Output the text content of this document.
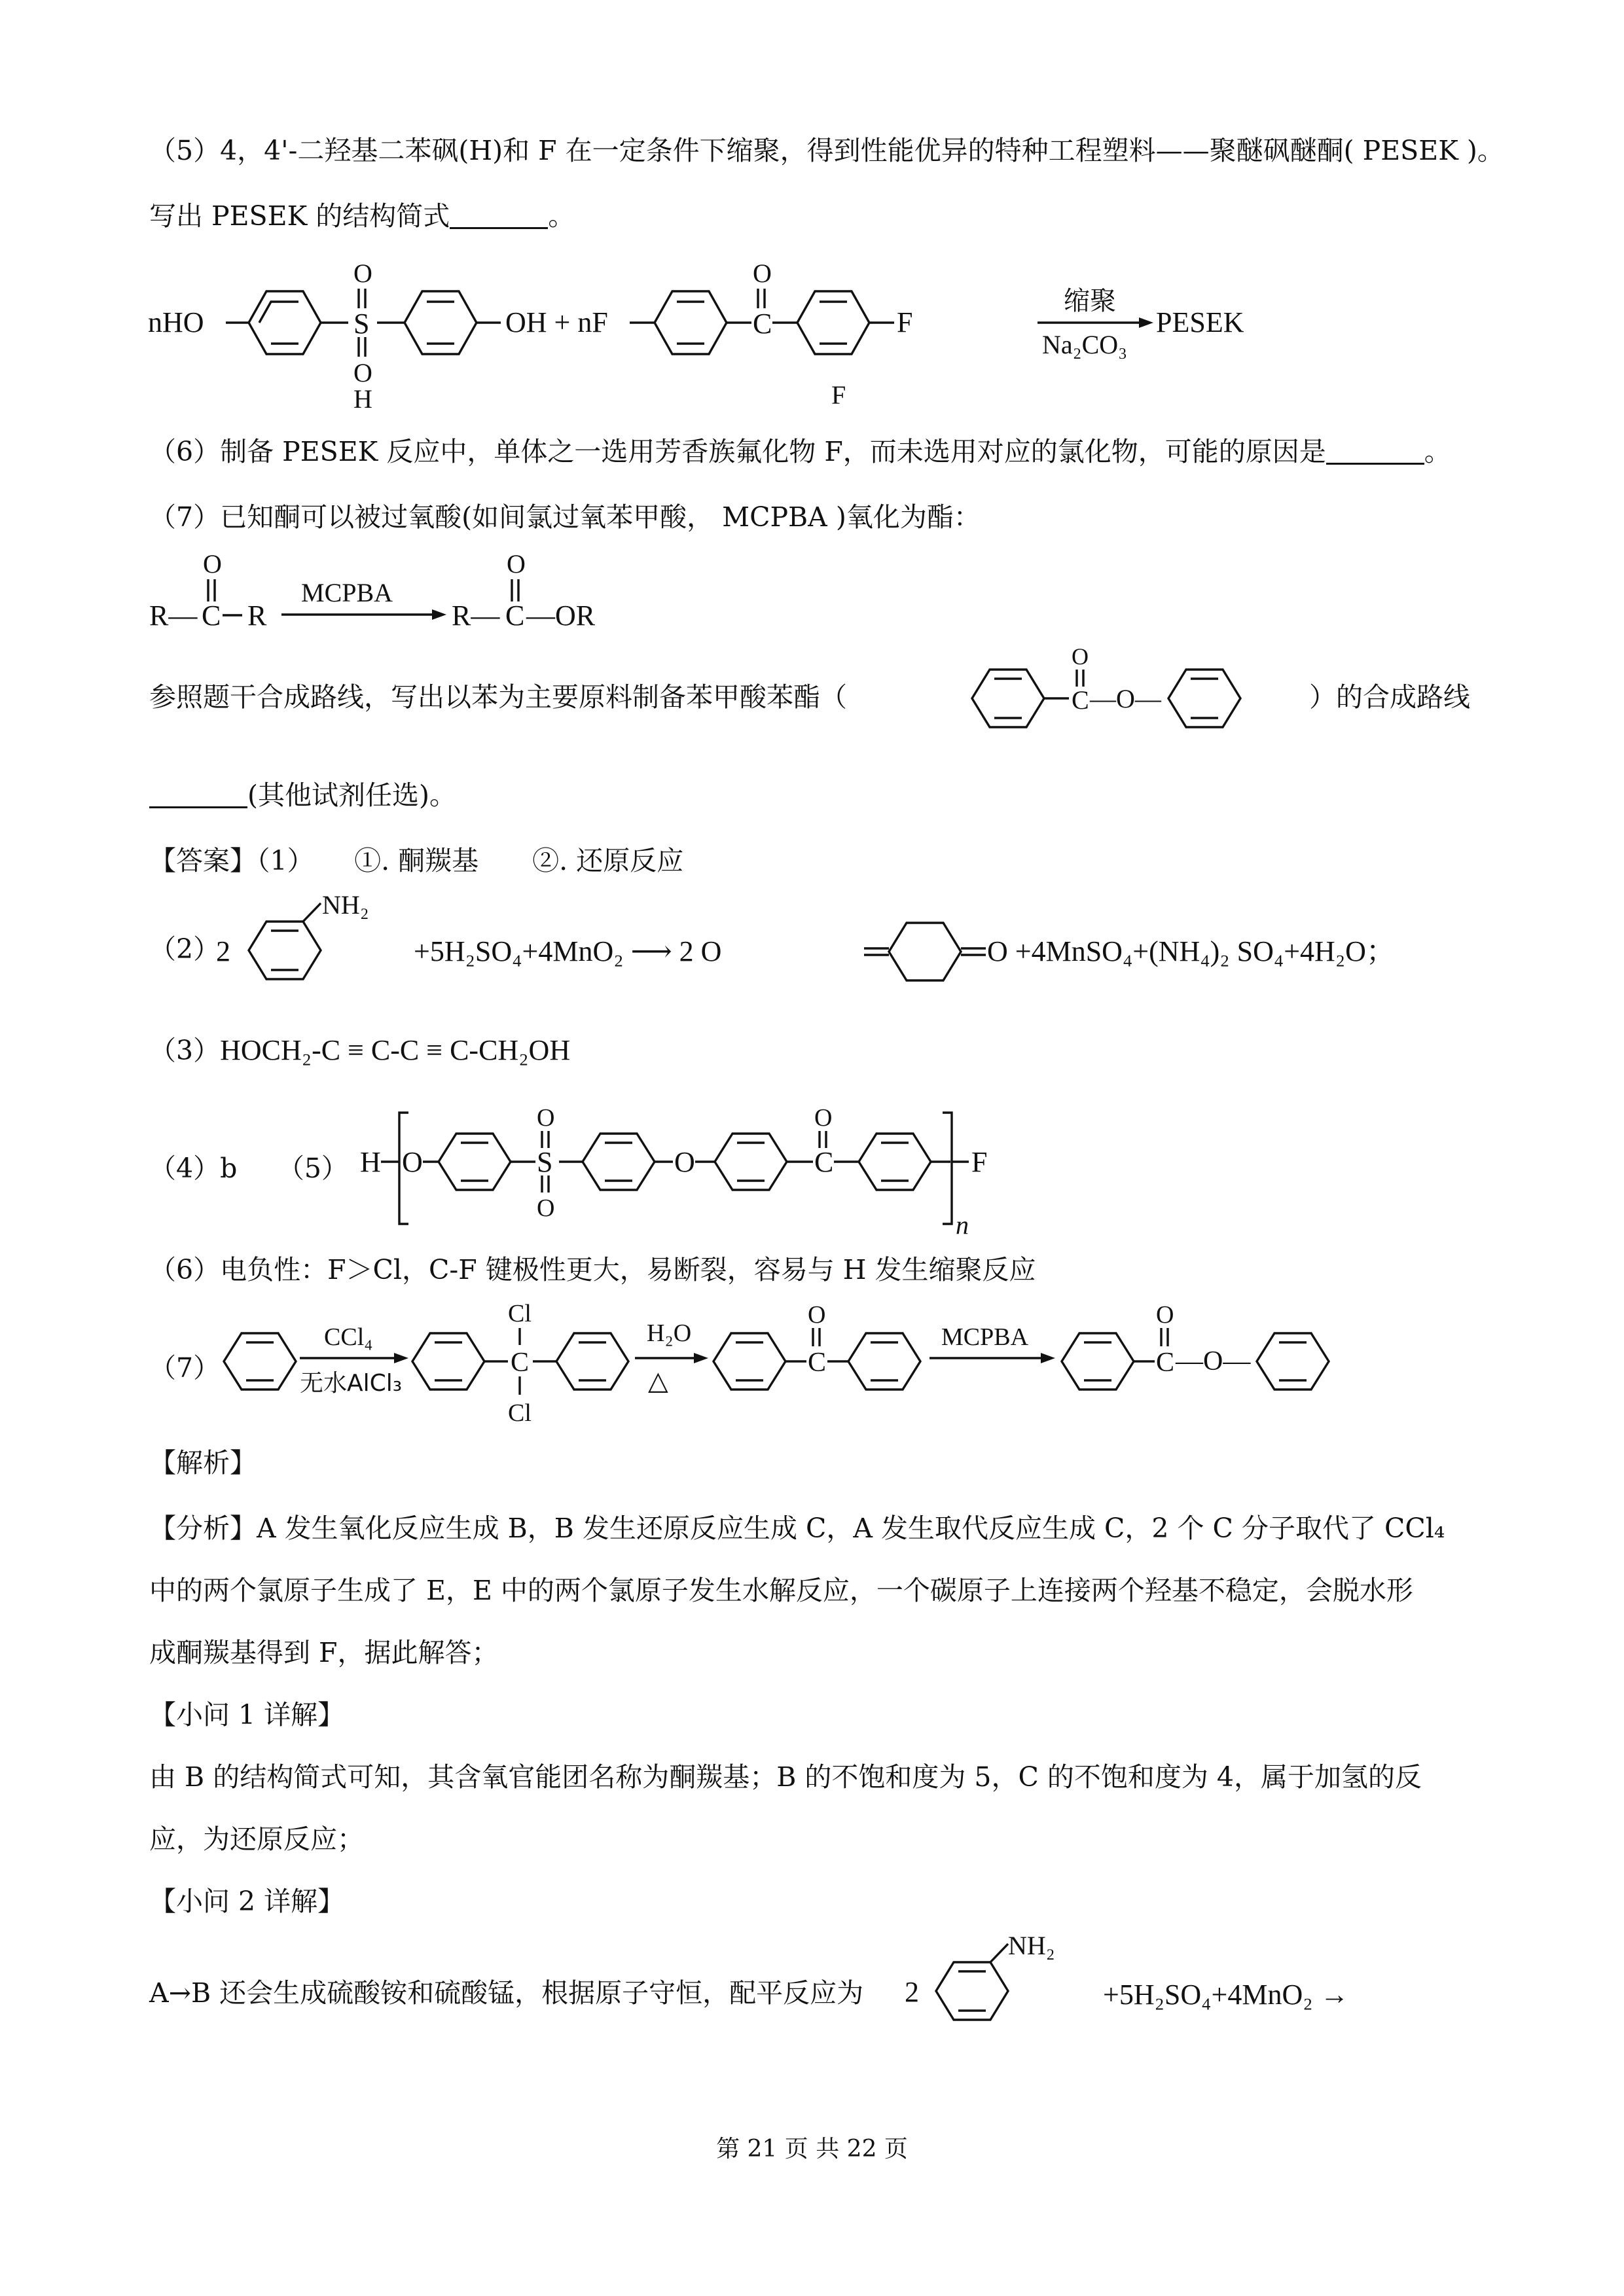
（5）4，4'-二羟基二苯砜(H)和 F 在一定条件下缩聚，得到性能优异的特种工程塑料——聚醚砜醚酮( PESEK )。
写出 PESEK 的结构简式	。
nHO	S
O
O
H
OH + nF	C
O
F
F
缩聚
Na₂CO₃
PESEK
（6）制备 PESEK 反应中，单体之一选用芳香族氟化物 F，而未选用对应的氯化物，可能的原因是	。
（7）已知酮可以被过氧酸(如间氯过氧苯甲酸， MCPBA )氧化为酯：
R— C
O
R
MCPBA
R— C
O
—OR
参照题干合成路线，写出以苯为主要原料制备苯甲酸苯酯（	C
O
—O—	）的合成路线
(其他试剂任选)。
【答案】（1）　　①. 酮羰基　　②. 还原反应
（2）
2
NH₂
+5H₂SO₄+4MnO₂ ⟶ 2 O	O +4MnSO₄+(NH₄)₂ SO₄+4H₂O；
（3）HOCH₂-C ≡ C-C ≡ C-CH₂OH
（4）b　　（5） H O	S
O
O
O	C
O
n
F
（6）电负性：F＞Cl，C-F 键极性更大，易断裂，容易与 H 发生缩聚反应
（7）
CCl₄
无水AlCl₃
C
Cl
Cl
H₂O
△
C
O
MCPBA
C
O
—O—
【解析】
【分析】A 发生氧化反应生成 B，B 发生还原反应生成 C，A 发生取代反应生成 C，2 个 C 分子取代了 CCl₄
中的两个氯原子生成了 E，E 中的两个氯原子发生水解反应，一个碳原子上连接两个羟基不稳定，会脱水形
成酮羰基得到 F，据此解答；
【小问 1 详解】
由 B 的结构简式可知，其含氧官能团名称为酮羰基；B 的不饱和度为 5，C 的不饱和度为 4，属于加氢的反
应，为还原反应；
【小问 2 详解】
A→B 还会生成硫酸铵和硫酸锰，根据原子守恒，配平反应为 2
NH₂
+5H₂SO₄+4MnO₂ →
第 21 页 共 22 页
